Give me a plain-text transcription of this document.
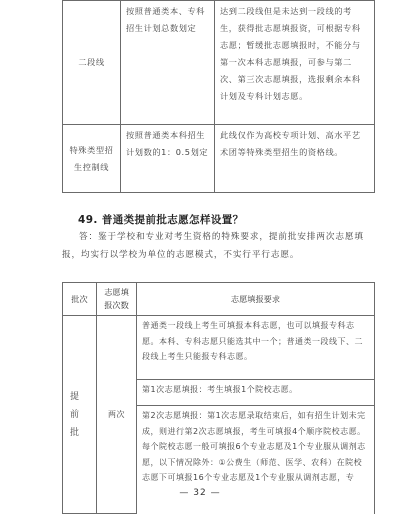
二段线	按照普通类本、专科招生计划总数划定	达到二段线但是未达到一段线的考生，获得批志愿填报资，可根据专科志愿；暂缓批志愿填报时，不能分与第一次本科志愿填报，可参与第二次、第三次志愿填报，选报剩余本科计划及专科计划志愿。
特殊类型招生控制线	按照普通类本科招生计划数的1：0.5划定	此线仅作为高校专项计划、高水平艺术团等特殊类型招生的资格线。
49. 普通类提前批志愿怎样设置？

答：鉴于学校和专业对考生资格的特殊要求，提前批安排两次志愿填报，均实行以学校为单位的志愿模式，不实行平行志愿。

批次	志愿填报次数	志愿填报要求
提前批	两次	普通类一段线上考生可填报本科志愿，也可以填报专科志愿。本科、专科志愿只能选其中一个；普通类一段线下、二段线上考生只能报专科志愿。
		第1次志愿填报：考生填报1个院校志愿。
		第2次志愿填报：第1次志愿录取结束后，如有招生计划未完成，则进行第2次志愿填报，考生可填报4个顺序院校志愿。每个院校志愿一般可填报6个专业志愿及1个专业服从调剂志愿，以下情况除外：①公费生（师范、医学、农科）在院校志愿下可填报16个专业志愿及1个专业服从调剂志愿，专
— 32 —
